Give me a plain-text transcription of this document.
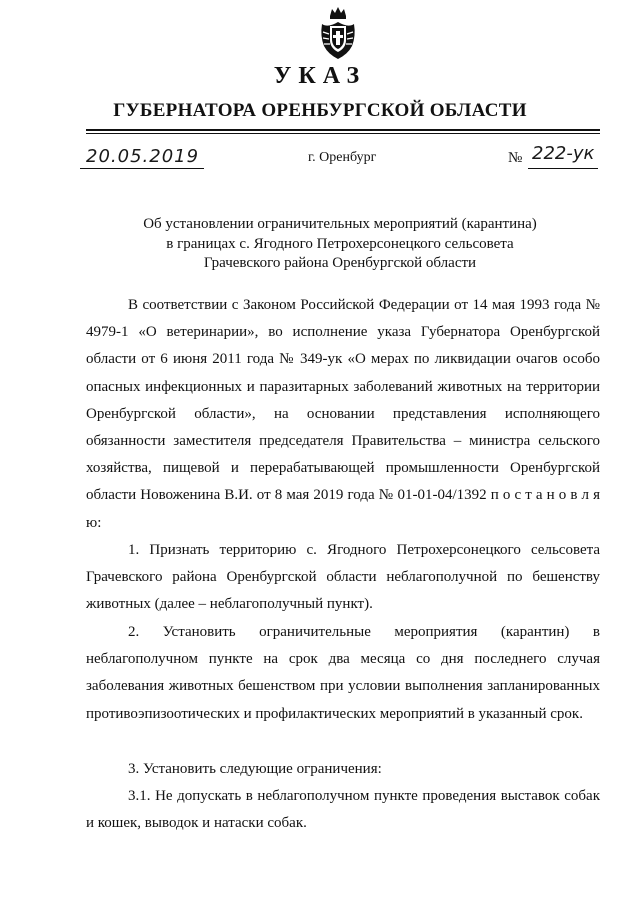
УКАЗ
ГУБЕРНАТОРА ОРЕНБУРГСКОЙ ОБЛАСТИ
20.05.2019	г. Оренбург	№ 222-ук
Об установлении ограничительных мероприятий (карантина)
в границах с. Ягодного Петрохерсонецкого сельсовета
Грачевского района Оренбургской области
В соответствии с Законом Российской Федерации от 14 мая 1993 года № 4979-1 «О ветеринарии», во исполнение указа Губернатора Оренбургской области от 6 июня 2011 года № 349-ук «О мерах по ликвидации очагов особо опасных инфекционных и паразитарных заболеваний животных на территории Оренбургской области», на основании представления исполняющего обязанности заместителя председателя Правительства – министра сельского хозяйства, пищевой и перерабатывающей промышленности Оренбургской области Новоженина В.И. от 8 мая 2019 года № 01-01-04/1392 п о с т а н о в л я ю:
1. Признать территорию с. Ягодного Петрохерсонецкого сельсовета Грачевского района Оренбургской области неблагополучной по бешенству животных (далее – неблагополучный пункт).
2. Установить ограничительные мероприятия (карантин) в неблагополучном пункте на срок два месяца со дня последнего случая заболевания животных бешенством при условии выполнения запланированных противоэпизоотических и профилактических мероприятий в указанный срок.
3. Установить следующие ограничения:
3.1. Не допускать в неблагополучном пункте проведения выставок собак и кошек, выводок и натаски собак.
